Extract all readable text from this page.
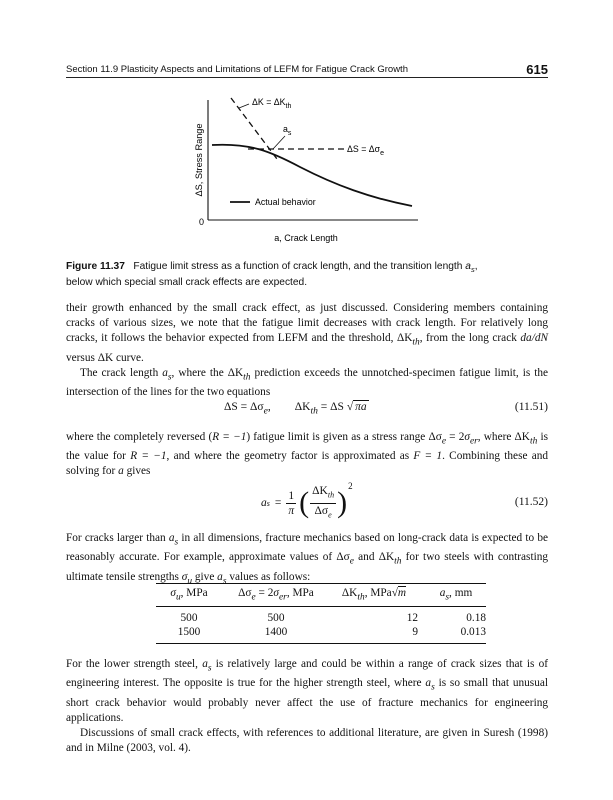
Section 11.9 Plasticity Aspects and Limitations of LEFM for Fatigue Crack Growth	615
0
ΔS, Stress Range
a, Crack Length
$\Delta K = \Delta K_{th}$
$a_s$
$\Delta S = \Delta\sigma_e$
Actual behavior
Figure 11.37 Fatigue limit stress as a function of crack length, and the transition length $a_s$,
below which special small crack effects are expected.

their growth enhanced by the small crack effect, as just discussed. Considering members containing cracks of various sizes, we note that the fatigue limit decreases with crack length. For relatively long cracks, it follows the behavior expected from LEFM and the threshold, $\Delta K_{th}$, from the long crack da/dN versus ΔK curve.

The crack length $a_s$, where the $\Delta K_{th}$ prediction exceeds the unnotched-specimen fatigue limit, is the intersection of the lines for the two equations

$\Delta S = \Delta\sigma_e$, $\Delta K_{th} = \Delta S$ √ πa	(11.51)

where the completely reversed (R = −1) fatigue limit is given as a stress range $\Delta\sigma_e = 2\sigma_{er}$, where $\Delta K_{th}$ is the value for R = −1, and where the geometry factor is approximated as F = 1. Combining these and solving for a gives

a $s = \frac{1}{\pi}$ ( $\frac{\Delta K_{th}}{\Delta\sigma_e} )^2$
(11.52)

For cracks larger than $a_s$ in all dimensions, fracture mechanics based on long-crack data is expected to be reasonably accurate. For example, approximate values of $\Delta\sigma_e$ and $\Delta K_{th}$ for two steels with contrasting ultimate tensile strengths $\sigma_u$ give $a_s$ values as follows:

$\sigma_u$, MPa	$\Delta\sigma_e = 2\sigma_{er}$, MPa	$\Delta K_{th}$, MPa√m	$a_s$, mm
500	500	12	0.18
1500	1400	9	0.013

For the lower strength steel, $a_s$ is relatively large and could be within a range of crack sizes that is of engineering interest. The opposite is true for the higher strength steel, where $a_s$ is so small that unusual short crack behavior would probably never affect the use of fracture mechanics for engineering applications.

Discussions of small crack effects, with references to additional literature, are given in Suresh (1998) and in Milne (2003, vol. 4).
